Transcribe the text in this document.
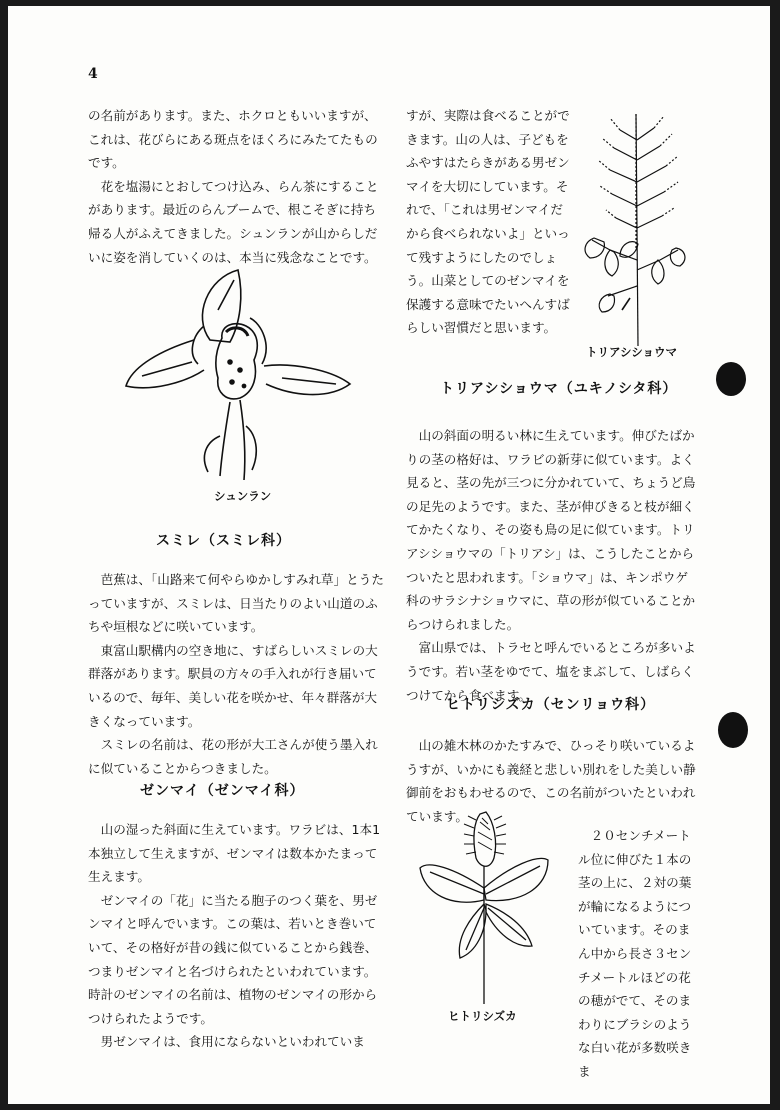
4

の名前があります。また、ホクロともいいますが、これは、花びらにある斑点をほくろにみたてたものです。

花を塩湯にとおしてつけ込み、らん茶にすることがあります。最近のらんブームで、根こそぎに持ち帰る人がふえてきました。シュンランが山からしだいに姿を消していくのは、本当に残念なことです。

シュンラン
スミレ（スミレ科）

芭蕉は、「山路来て何やらゆかしすみれ草」とうたっていますが、スミレは、日当たりのよい山道のふちや垣根などに咲いています。

東富山駅構内の空き地に、すばらしいスミレの大群落があります。駅員の方々の手入れが行き届いているので、毎年、美しい花を咲かせ、年々群落が大きくなっています。

スミレの名前は、花の形が大工さんが使う墨入れに似ていることからつきました。

ゼンマイ（ゼンマイ科）

山の湿った斜面に生えています。ワラビは、1本1本独立して生えますが、ゼンマイは数本かたまって生えます。

ゼンマイの「花」に当たる胞子のつく葉を、男ゼンマイと呼んでいます。この葉は、若いとき巻いていて、その格好が昔の銭に似ていることから銭巻、つまりゼンマイと名づけられたといわれています。時計のゼンマイの名前は、植物のゼンマイの形からつけられたようです。

男ゼンマイは、食用にならないといわれていま

すが、実際は食べることができます。山の人は、子どもをふやすはたらきがある男ゼンマイを大切にしています。それで、「これは男ゼンマイだから食べられないよ」といって残すようにしたのでしょう。山菜としてのゼンマイを保護する意味でたいへんすばらしい習慣だと思います。

トリアシショウマ
トリアシショウマ（ユキノシタ科）

山の斜面の明るい林に生えています。伸びたばかりの茎の格好は、ワラビの新芽に似ています。よく見ると、茎の先が三つに分かれていて、ちょうど鳥の足先のようです。また、茎が伸びきると枝が細くてかたくなり、その姿も鳥の足に似ています。トリアシショウマの「トリアシ」は、こうしたことからついたと思われます。「ショウマ」は、キンポウゲ科のサラシナショウマに、草の形が似ていることからつけられました。

富山県では、トラセと呼んでいるところが多いようです。若い茎をゆでて、塩をまぶして、しばらくつけてから食べます。

ヒトリシズカ（センリョウ科）

山の雑木林のかたすみで、ひっそり咲いているようすが、いかにも義経と悲しい別れをした美しい静御前をおもわせるので、この名前がついたといわれています。

ヒトリシズカ

２０センチメートル位に伸びた１本の茎の上に、２対の葉が輪になるようについています。そのまん中から長さ３センチメートルほどの花の穂がでて、そのまわりにブラシのような白い花が多数咲きま
